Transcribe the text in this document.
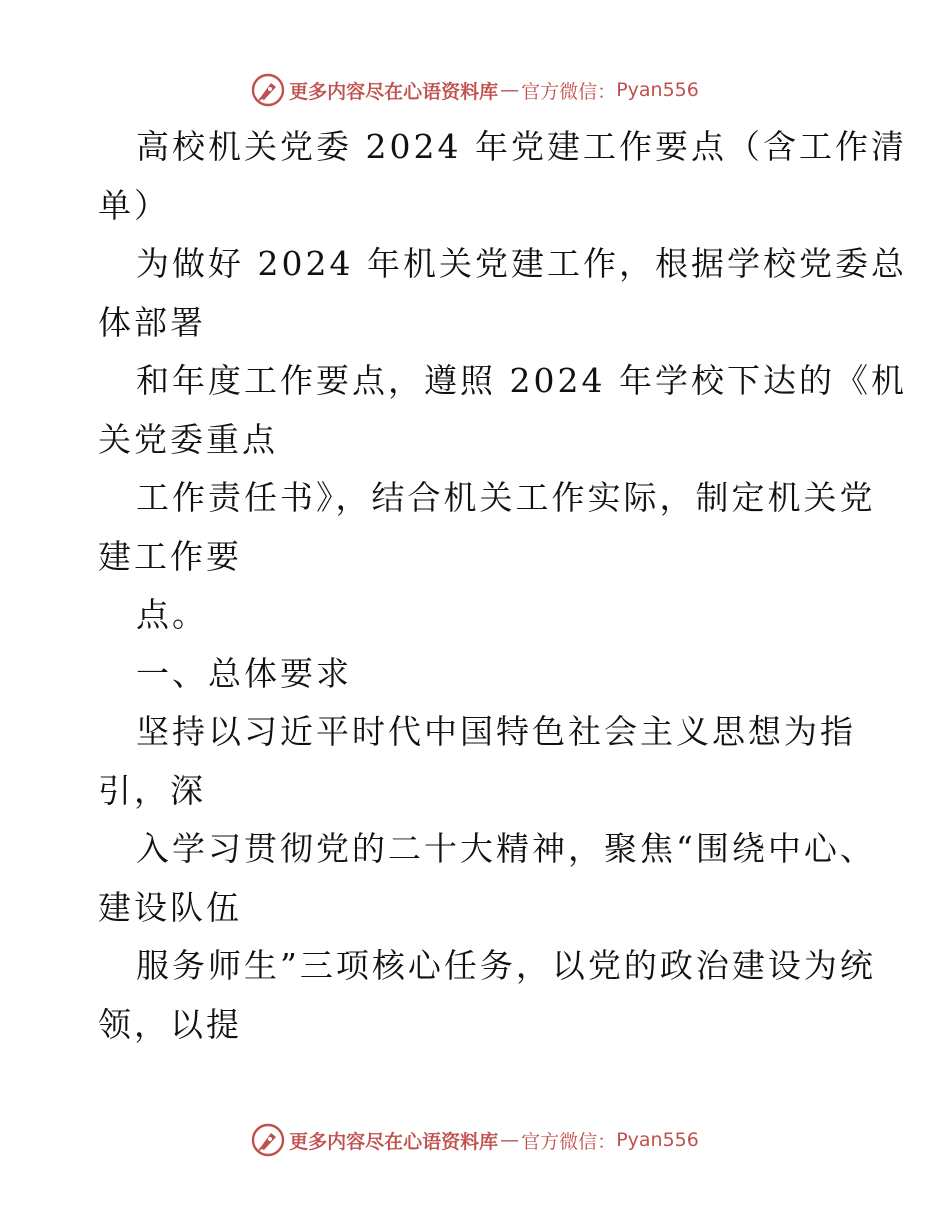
更多内容尽在心语资料库 — 官方微信： Pyan556
高校机关党委 2024 年党建工作要点（含工作清
单）
为做好 2024 年机关党建工作，根据学校党委总
体部署
和年度工作要点，遵照 2024 年学校下达的《机
关党委重点
工作责任书》，结合机关工作实际，制定机关党
建工作要
点。
一、总体要求
坚持以习近平时代中国特色社会主义思想为指
引，深
入学习贯彻党的二十大精神，聚焦“围绕中心、
建设队伍
服务师生”三项核心任务，以党的政治建设为统
领，以提
更多内容尽在心语资料库 — 官方微信： Pyan556
